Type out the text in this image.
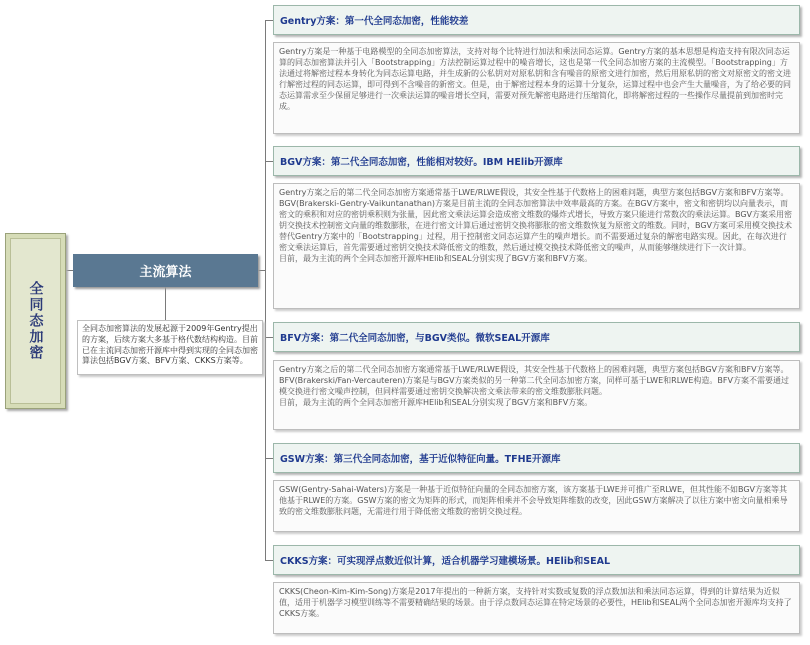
全同态加密
主流算法
全同态加密算法的发展起源于2009年Gentry提出的方案，后续方案大多基于格代数结构构造。目前已在主流同态加密开源库中得到实现的全同态加密算法包括BGV方案、BFV方案、CKKS方案等。
Gentry方案：第一代全同态加密，性能较差
Gentry方案是一种基于电路模型的全同态加密算法，支持对每个比特进行加法和乘法同态运算。Gentry方案的基本思想是构造支持有限次同态运算的同态加密算法并引入「Bootstrapping」方法控制运算过程中的噪音增长，这也是第一代全同态加密方案的主流模型。「Bootstrapping」方法通过将解密过程本身转化为同态运算电路，并生成新的公私钥对对原私钥和含有噪音的原密文进行加密，然后用原私钥的密文对原密文的密文进行解密过程的同态运算，即可得到不含噪音的新密文。但是，由于解密过程本身的运算十分复杂，运算过程中也会产生大量噪音，为了给必要的同态运算需求至少保留足够进行一次乘法运算的噪音增长空间，需要对预先解密电路进行压缩简化，即将解密过程的一些操作尽量提前到加密时完成。
BGV方案：第二代全同态加密，性能相对较好。IBM HElib开源库
Gentry方案之后的第二代全同态加密方案通常基于LWE/RLWE假设，其安全性基于代数格上的困难问题，典型方案包括BGV方案和BFV方案等。
BGV(Brakerski-Gentry-Vaikuntanathan)方案是目前主流的全同态加密算法中效率最高的方案。在BGV方案中，密文和密钥均以向量表示，而密文的乘积和对应的密钥乘积则为张量，因此密文乘法运算会造成密文维数的爆炸式增长，导致方案只能进行常数次的乘法运算。BGV方案采用密钥交换技术控制密文向量的维数膨胀，在进行密文计算后通过密钥交换将膨胀的密文维数恢复为原密文的维数。同时，BGV方案可采用模交换技术替代Gentry方案中的「Bootstrapping」过程，用于控制密文同态运算产生的噪声增长。而不需要通过复杂的解密电路实现。因此，在每次进行密文乘法运算后，首先需要通过密钥交换技术降低密文的维数，然后通过模交换技术降低密文的噪声，从而能够继续进行下一次计算。
目前，最为主流的两个全同态加密开源库HElib和SEAL分别实现了BGV方案和BFV方案。
BFV方案：第二代全同态加密，与BGV类似。微软SEAL开源库
Gentry方案之后的第二代全同态加密方案通常基于LWE/RLWE假设，其安全性基于代数格上的困难问题，典型方案包括BGV方案和BFV方案等。
BFV(Brakerski/Fan-Vercauteren)方案是与BGV方案类似的另一种第二代全同态加密方案，同样可基于LWE和RLWE构造。BFV方案不需要通过模交换进行密文噪声控制，但同样需要通过密钥交换解决密文乘法带来的密文维数膨胀问题。
目前，最为主流的两个全同态加密开源库HElib和SEAL分别实现了BGV方案和BFV方案。
GSW方案：第三代全同态加密，基于近似特征向量。TFHE开源库
GSW(Gentry-Sahai-Waters)方案是一种基于近似特征向量的全同态加密方案，该方案基于LWE并可推广至RLWE，但其性能不如BGV方案等其他基于RLWE的方案。GSW方案的密文为矩阵的形式，而矩阵相乘并不会导致矩阵维数的改变，因此GSW方案解决了以往方案中密文向量相乘导致的密文维数膨胀问题，无需进行用于降低密文维数的密钥交换过程。
CKKS方案：可实现浮点数近似计算，适合机器学习建模场景。HElib和SEAL
CKKS(Cheon-Kim-Kim-Song)方案是2017年提出的一种新方案，支持针对实数或复数的浮点数加法和乘法同态运算，得到的计算结果为近似值，适用于机器学习模型训练等不需要精确结果的场景。由于浮点数同态运算在特定场景的必要性，HElib和SEAL两个全同态加密开源库均支持了CKKS方案。
